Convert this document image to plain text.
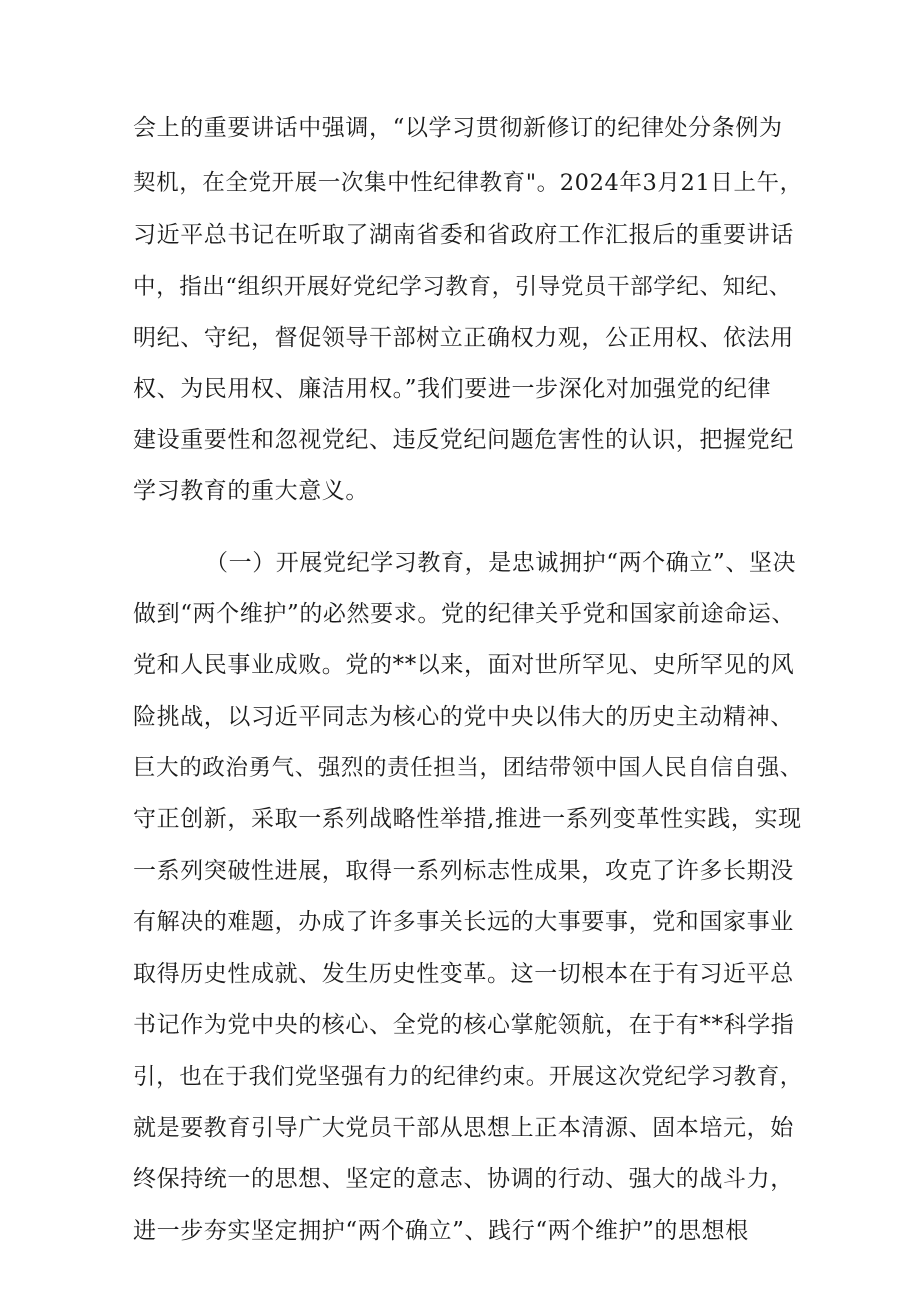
会上的重要讲话中强调，“以学习贯彻新修订的纪律处分条例为
契机，在全党开展一次集中性纪律教育"。2024年3月21日上午，
习近平总书记在听取了湖南省委和省政府工作汇报后的重要讲话
中，指出“组织开展好党纪学习教育，引导党员干部学纪、知纪、
明纪、守纪，督促领导干部树立正确权力观，公正用权、依法用
权、为民用权、廉洁用权。”我们要进一步深化对加强党的纪律
建设重要性和忽视党纪、违反党纪问题危害性的认识，把握党纪
学习教育的重大意义。
（一）开展党纪学习教育，是忠诚拥护“两个确立”、坚决
做到“两个维护”的必然要求。党的纪律关乎党和国家前途命运、
党和人民事业成败。党的**以来，面对世所罕见、史所罕见的风
险挑战，以习近平同志为核心的党中央以伟大的历史主动精神、
巨大的政治勇气、强烈的责任担当，团结带领中国人民自信自强、
守正创新，采取一系列战略性举措,推进一系列变革性实践，实现
一系列突破性进展，取得一系列标志性成果，攻克了许多长期没
有解决的难题，办成了许多事关长远的大事要事，党和国家事业
取得历史性成就、发生历史性变革。这一切根本在于有习近平总
书记作为党中央的核心、全党的核心掌舵领航，在于有**科学指
引，也在于我们党坚强有力的纪律约束。开展这次党纪学习教育，
就是要教育引导广大党员干部从思想上正本清源、固本培元，始
终保持统一的思想、坚定的意志、协调的行动、强大的战斗力，
进一步夯实坚定拥护“两个确立”、践行“两个维护”的思想根
